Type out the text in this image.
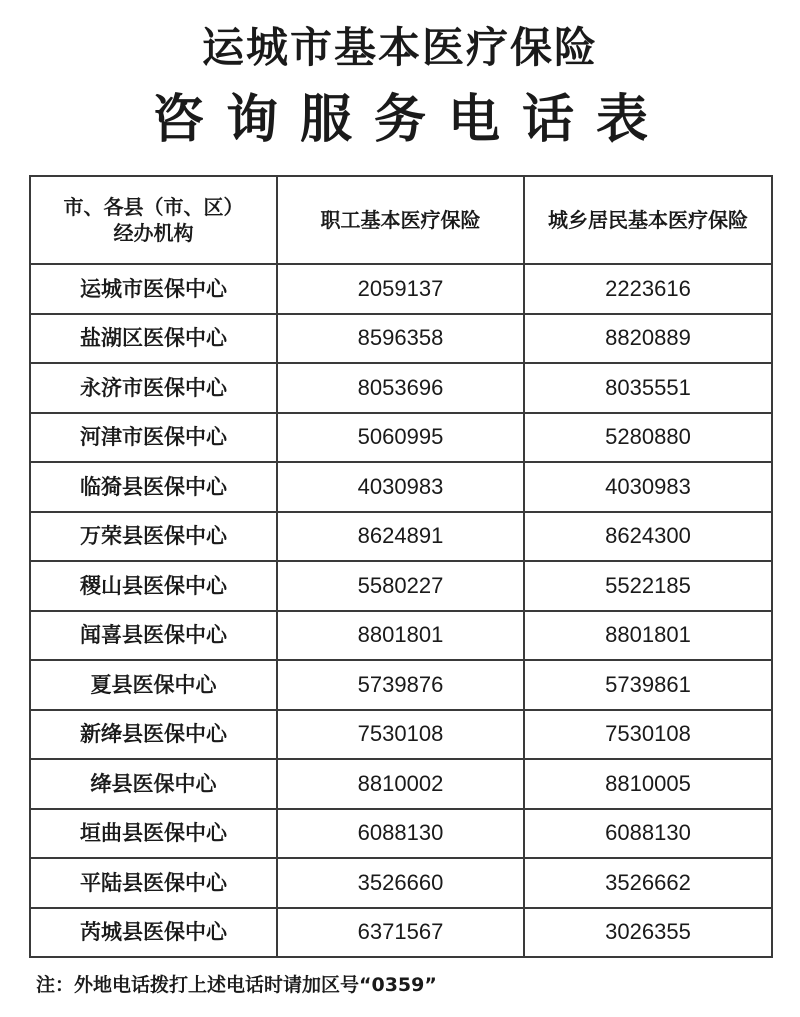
运城市基本医疗保险
咨询服务电话表
市、各县（市、区）
经办机构	职工基本医疗保险	城乡居民基本医疗保险

运城市医保中心	2059137	2223616
盐湖区医保中心	8596358	8820889
永济市医保中心	8053696	8035551
河津市医保中心	5060995	5280880
临猗县医保中心	4030983	4030983
万荣县医保中心	8624891	8624300
稷山县医保中心	5580227	5522185
闻喜县医保中心	8801801	8801801
夏县医保中心	5739876	5739861
新绛县医保中心	7530108	7530108
绛县医保中心	8810002	8810005
垣曲县医保中心	6088130	6088130
平陆县医保中心	3526660	3526662
芮城县医保中心	6371567	3026355
注：外地电话拨打上述电话时请加区号“0359”
